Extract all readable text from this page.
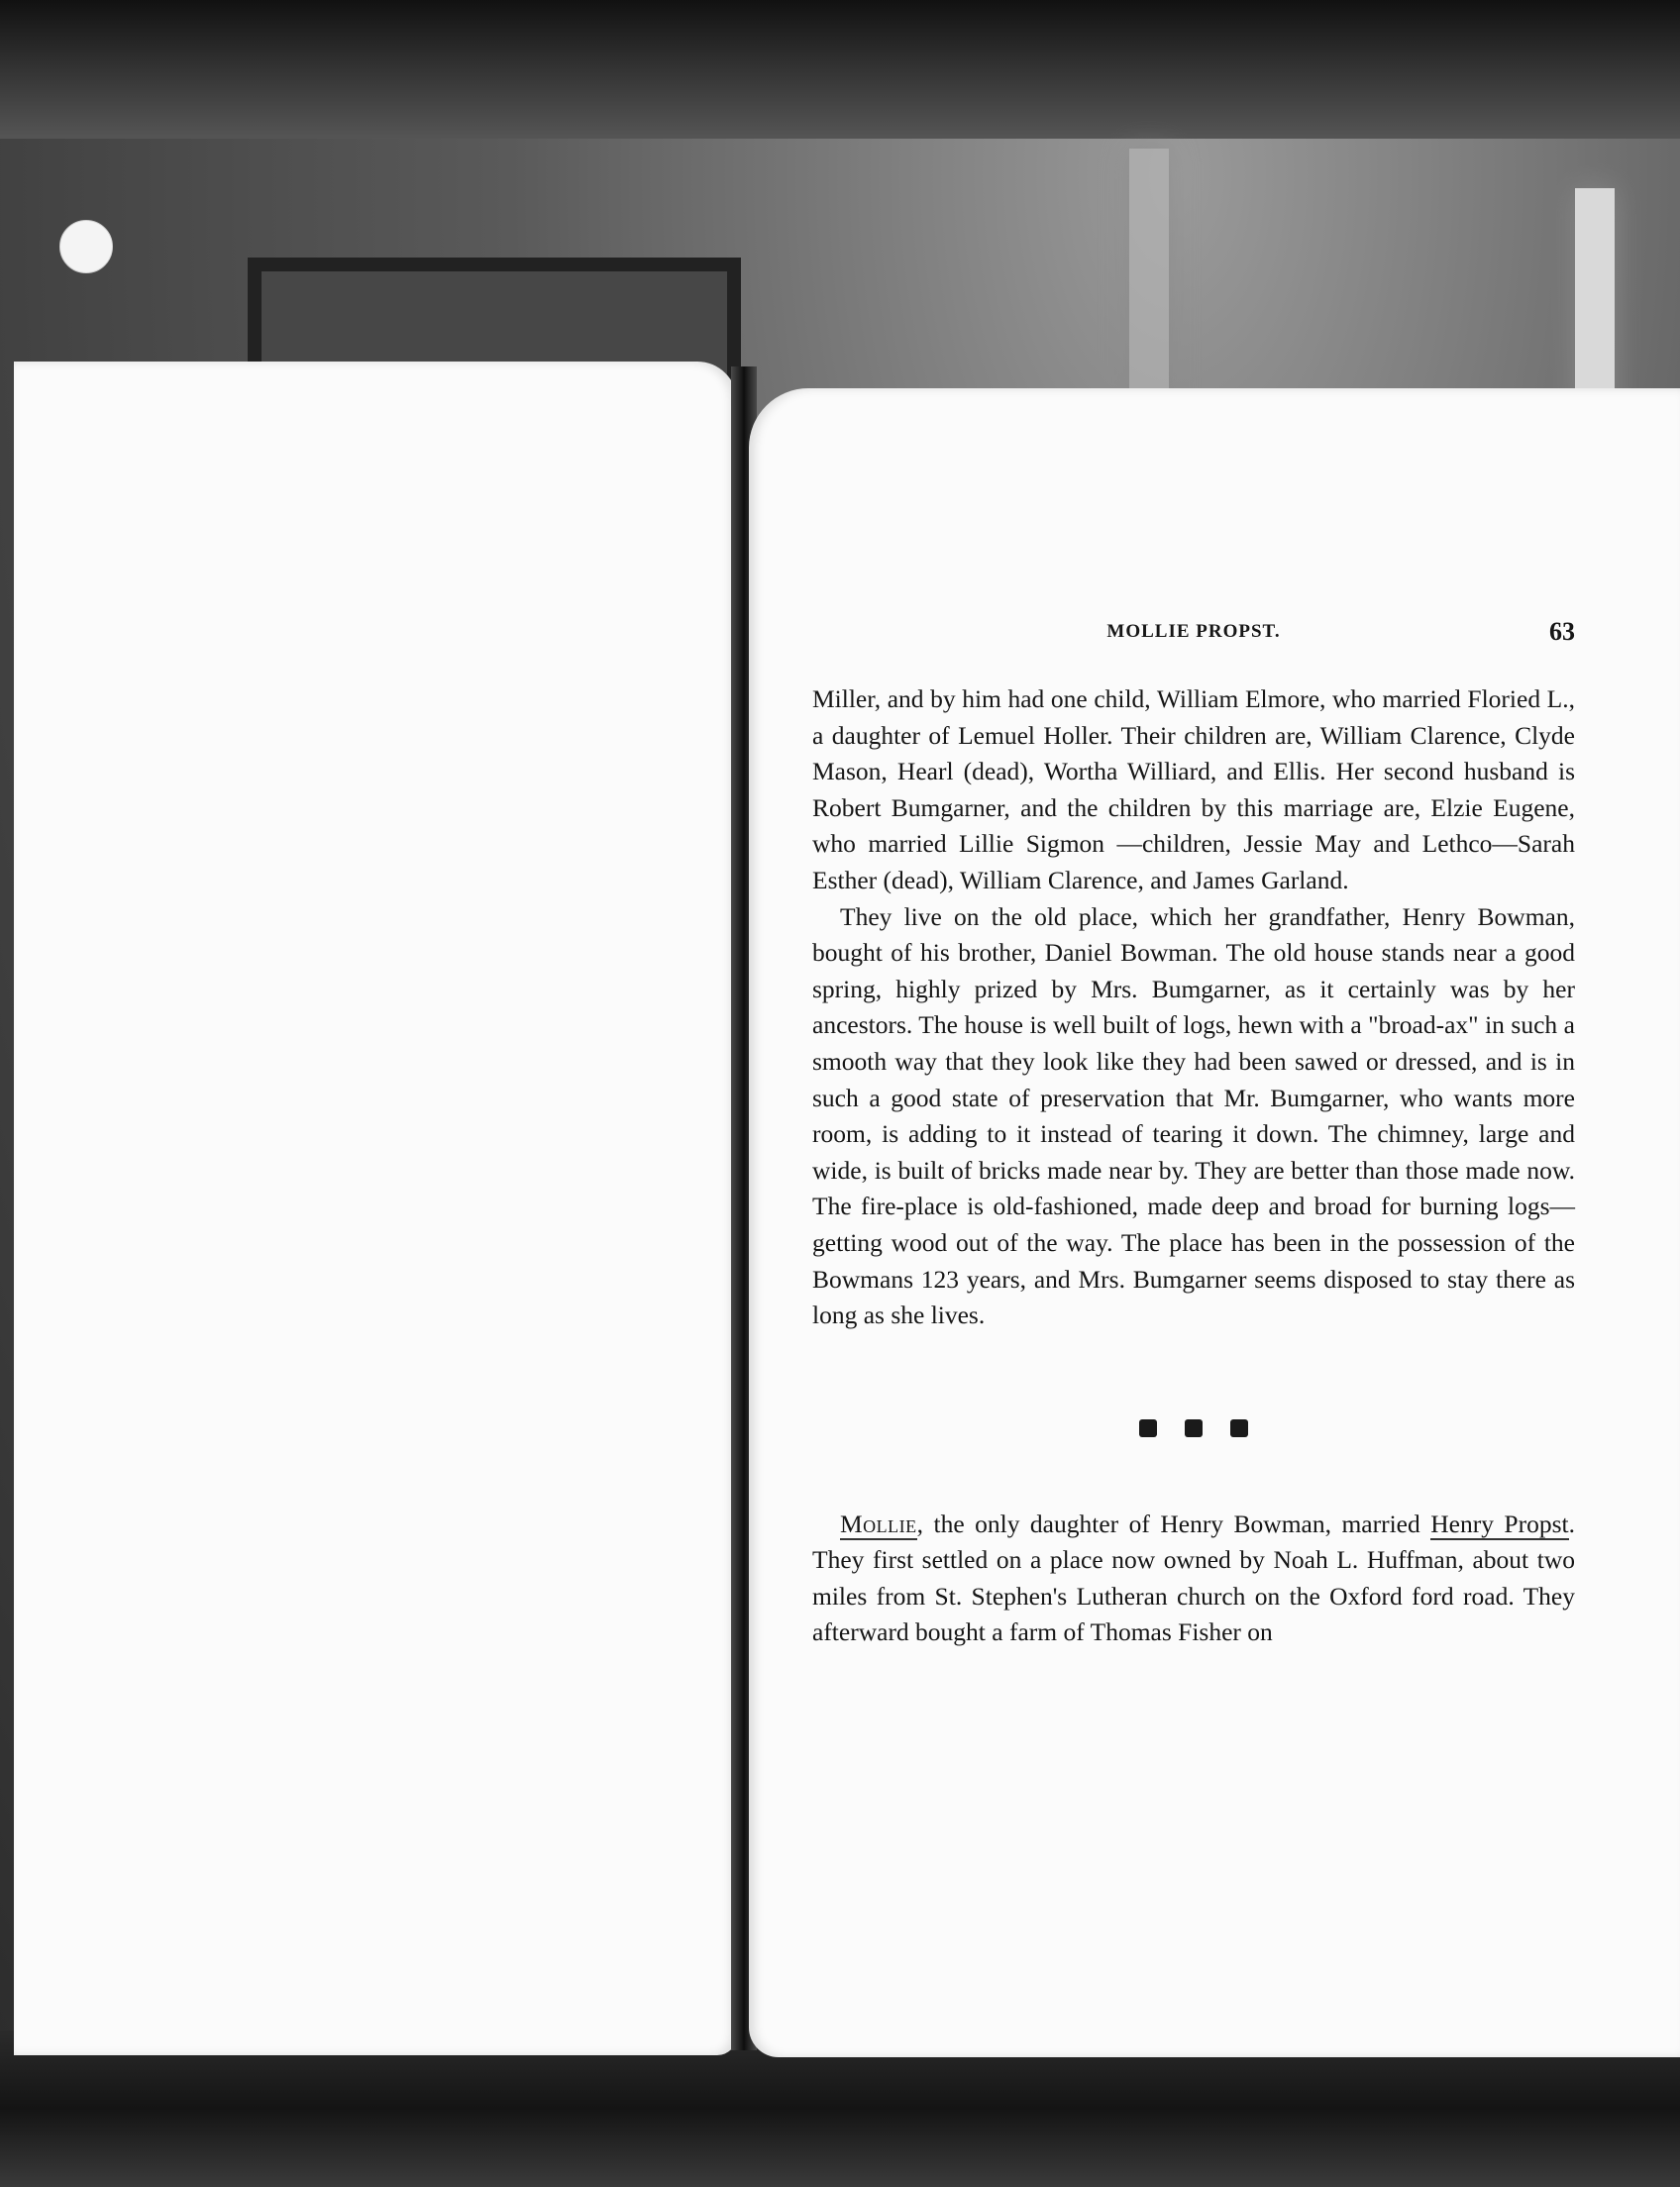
MOLLIE PROPST.	63

Miller, and by him had one child, William Elmore, who married Floried L., a daughter of Lemuel Holler. Their children are, William Clarence, Clyde Mason, Hearl (dead), Wortha Williard, and Ellis. Her second husband is Robert Bumgarner, and the children by this marriage are, Elzie Eugene, who married Lillie Sigmon —children, Jessie May and Lethco—Sarah Esther (dead), William Clarence, and James Garland.

They live on the old place, which her grandfather, Henry Bowman, bought of his brother, Daniel Bowman. The old house stands near a good spring, highly prized by Mrs. Bumgarner, as it certainly was by her ancestors. The house is well built of logs, hewn with a "broad-ax" in such a smooth way that they look like they had been sawed or dressed, and is in such a good state of preservation that Mr. Bumgarner, who wants more room, is adding to it instead of tearing it down. The chimney, large and wide, is built of bricks made near by. They are better than those made now. The fire-place is old-fashioned, made deep and broad for burning logs—getting wood out of the way. The place has been in the possession of the Bowmans 123 years, and Mrs. Bumgarner seems disposed to stay there as long as she lives.

Mollie, the only daughter of Henry Bowman, married Henry Propst. They first settled on a place now owned by Noah L. Huffman, about two miles from St. Stephen's Lutheran church on the Oxford ford road. They afterward bought a farm of Thomas Fisher on
